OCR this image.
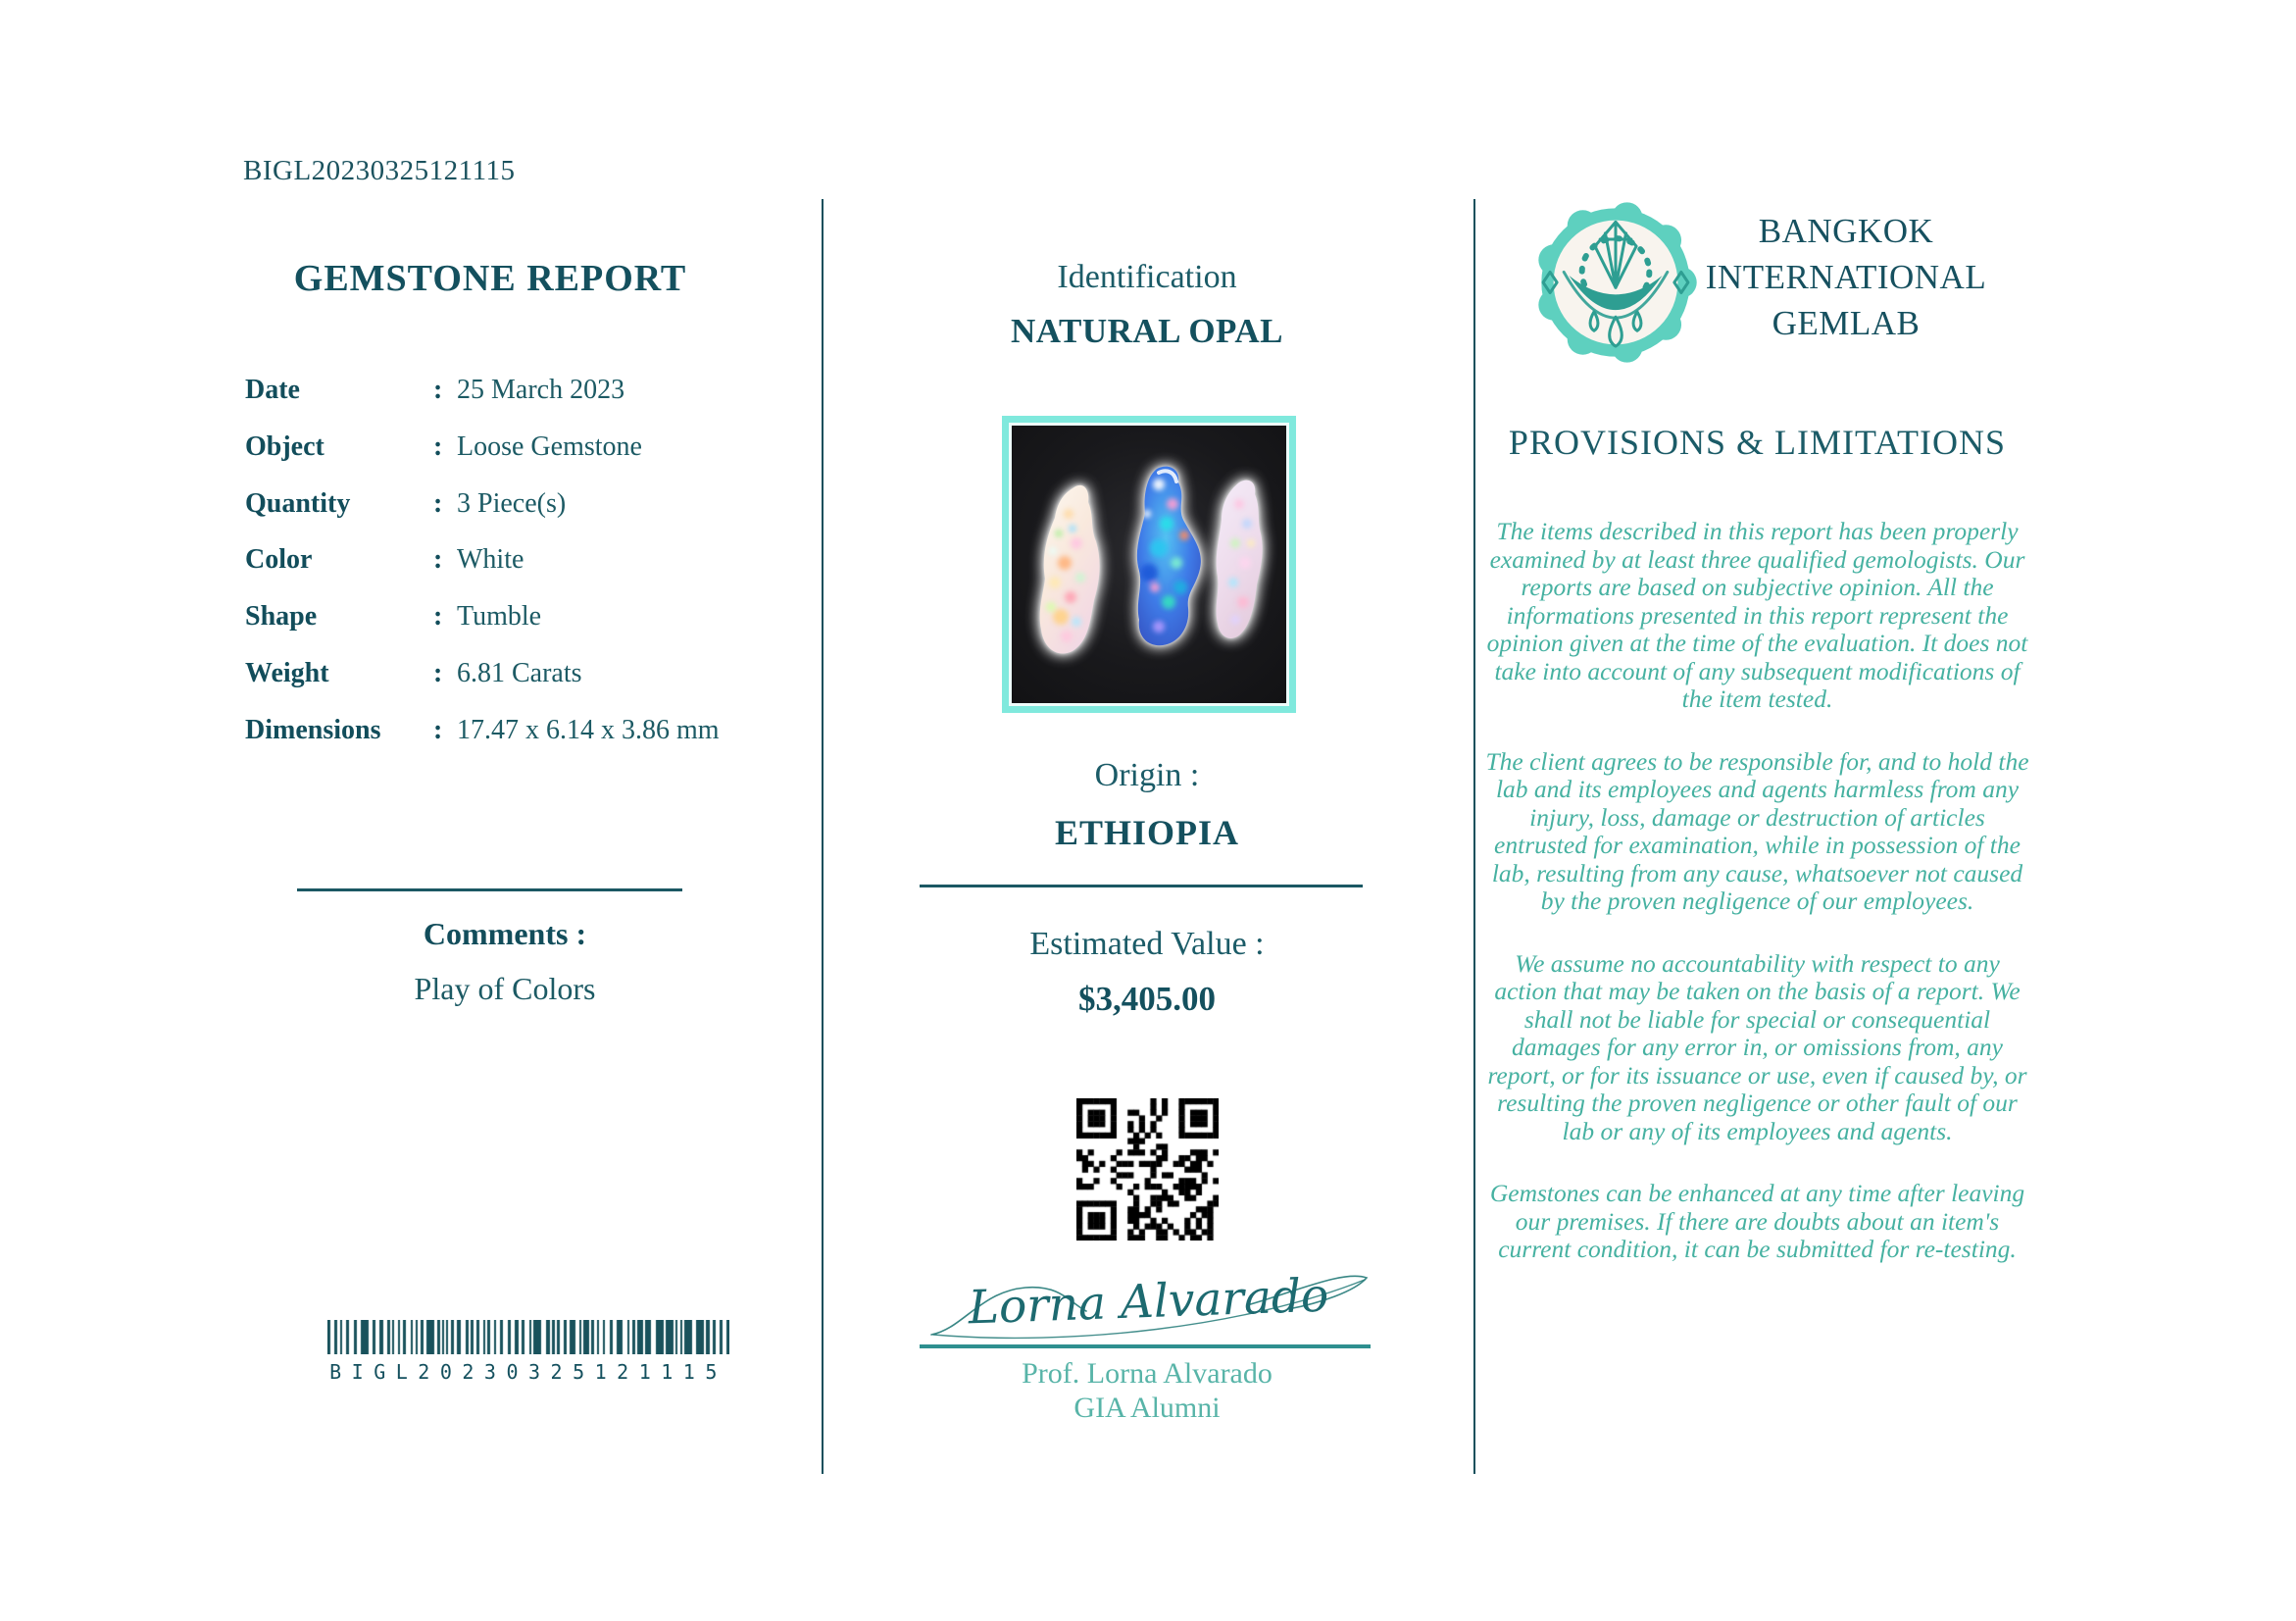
BIGL20230325121115
GEMSTONE REPORT
Date	: 25 March 2023
Object	: Loose Gemstone
Quantity	: 3 Piece(s)
Color	: White
Shape	: Tumble
Weight	: 6.81 Carats
Dimensions	: 17.47 x 6.14 x 3.86 mm
Comments :
Play of Colors
BIGL20230325121115
Identification
NATURAL OPAL
Origin :
ETHIOPIA
Estimated Value :
$3,405.00
Lorna Alvarado
Prof. Lorna Alvarado
GIA Alumni
BANGKOK
INTERNATIONAL
GEMLAB
PROVISIONS & LIMITATIONS

The items described in this report has been properly examined by at least three qualified gemologists. Our reports are based on subjective opinion. All the informations presented in this report represent the opinion given at the time of the evaluation. It does not take into account of any subsequent modifications of the item tested.

The client agrees to be responsible for, and to hold the lab and its employees and agents harmless from any injury, loss, damage or destruction of articles entrusted for examination, while in possession of the lab, resulting from any cause, whatsoever not caused by the proven negligence of our employees.

We assume no accountability with respect to any action that may be taken on the basis of a report. We shall not be liable for special or consequential damages for any error in, or omissions from, any report, or for its issuance or use, even if caused by, or resulting the proven negligence or other fault of our lab or any of its employees and agents.

Gemstones can be enhanced at any time after leaving our premises. If there are doubts about an item's current condition, it can be submitted for re-testing.
